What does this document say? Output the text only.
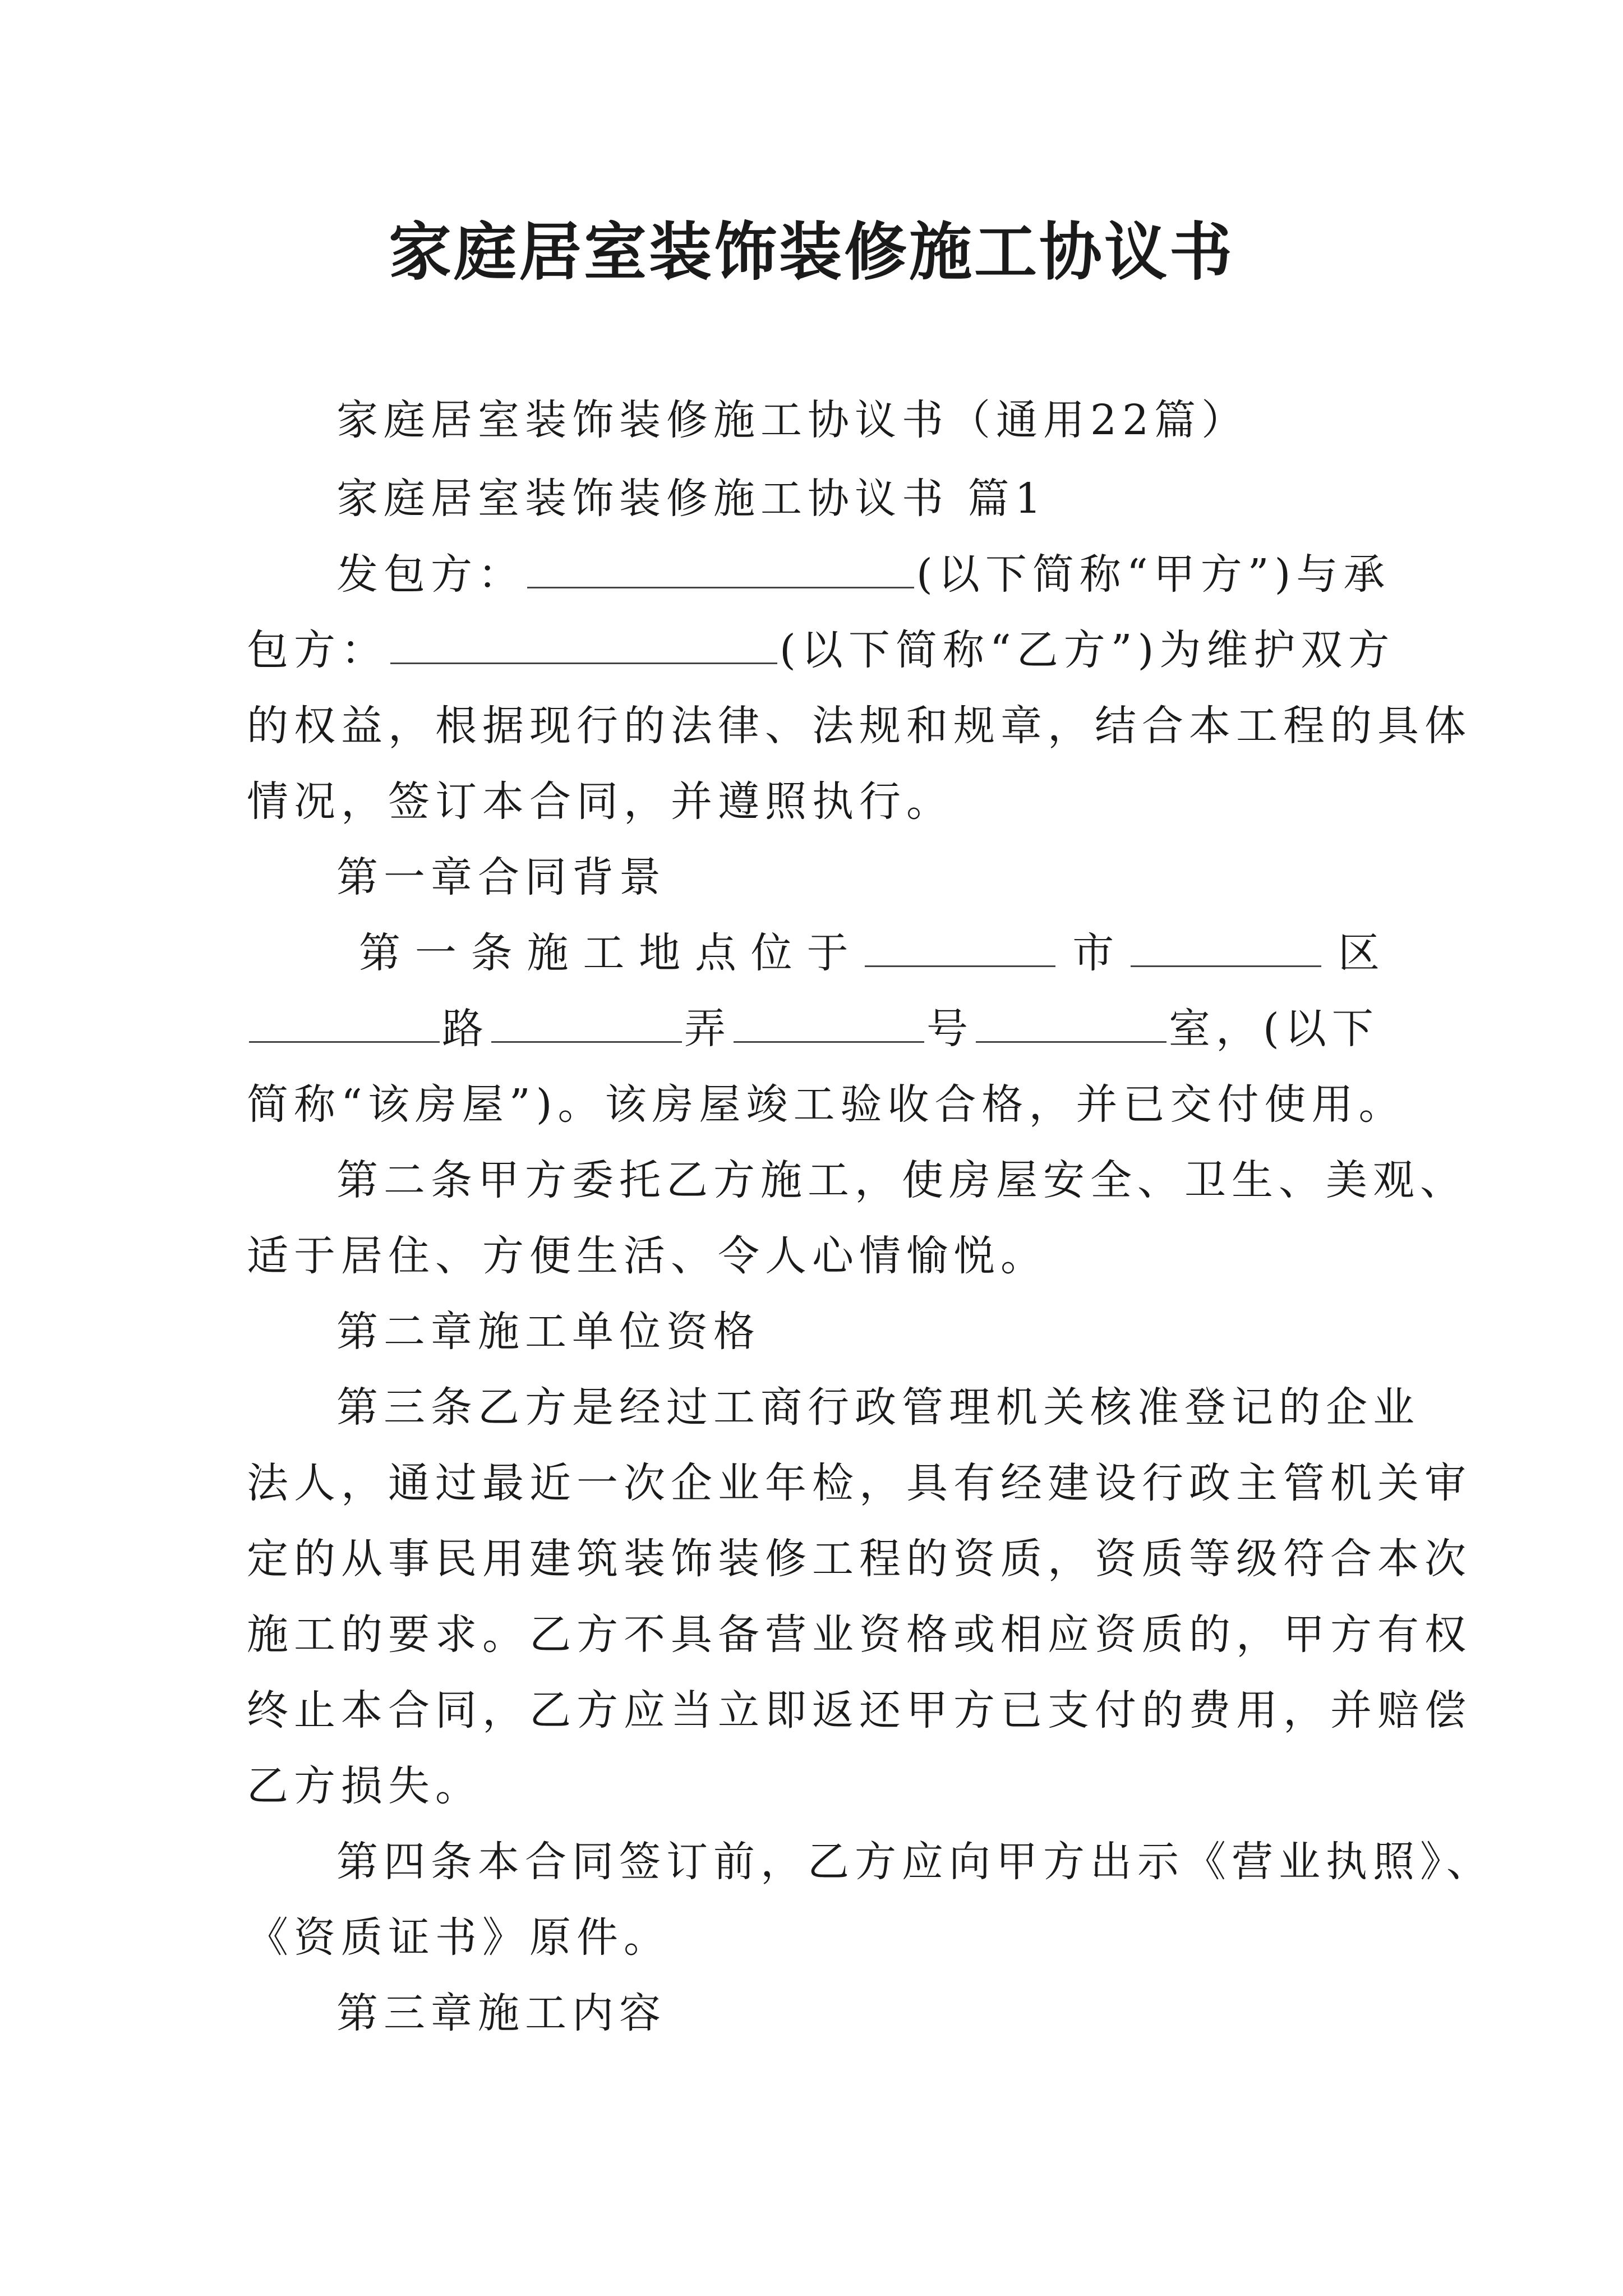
家庭居室装饰装修施工协议书
家庭居室装饰装修施工协议书（通用22篇）
家庭居室装饰装修施工协议书 篇1
发包方：	(以下简称“甲方”)与承
包方：	(以下简称“乙方”)为维护双方
的权益，根据现行的法律、法规和规章，结合本工程的具体
情况，签订本合同，并遵照执行。
第一章合同背景
第 一 条 施 工 地 点 位 于	市	区
路	弄	号	室，(以下
简称“该房屋”)。该房屋竣工验收合格，并已交付使用。
第二条甲方委托乙方施工，使房屋安全、卫生、美观、
适于居住、方便生活、令人心情愉悦。
第二章施工单位资格
第三条乙方是经过工商行政管理机关核准登记的企业
法人，通过最近一次企业年检，具有经建设行政主管机关审
定的从事民用建筑装饰装修工程的资质，资质等级符合本次
施工的要求。乙方不具备营业资格或相应资质的，甲方有权
终止本合同，乙方应当立即返还甲方已支付的费用，并赔偿
乙方损失。
第四条本合同签订前，乙方应向甲方出示《营业执照》、
《资质证书》原件。
第三章施工内容
